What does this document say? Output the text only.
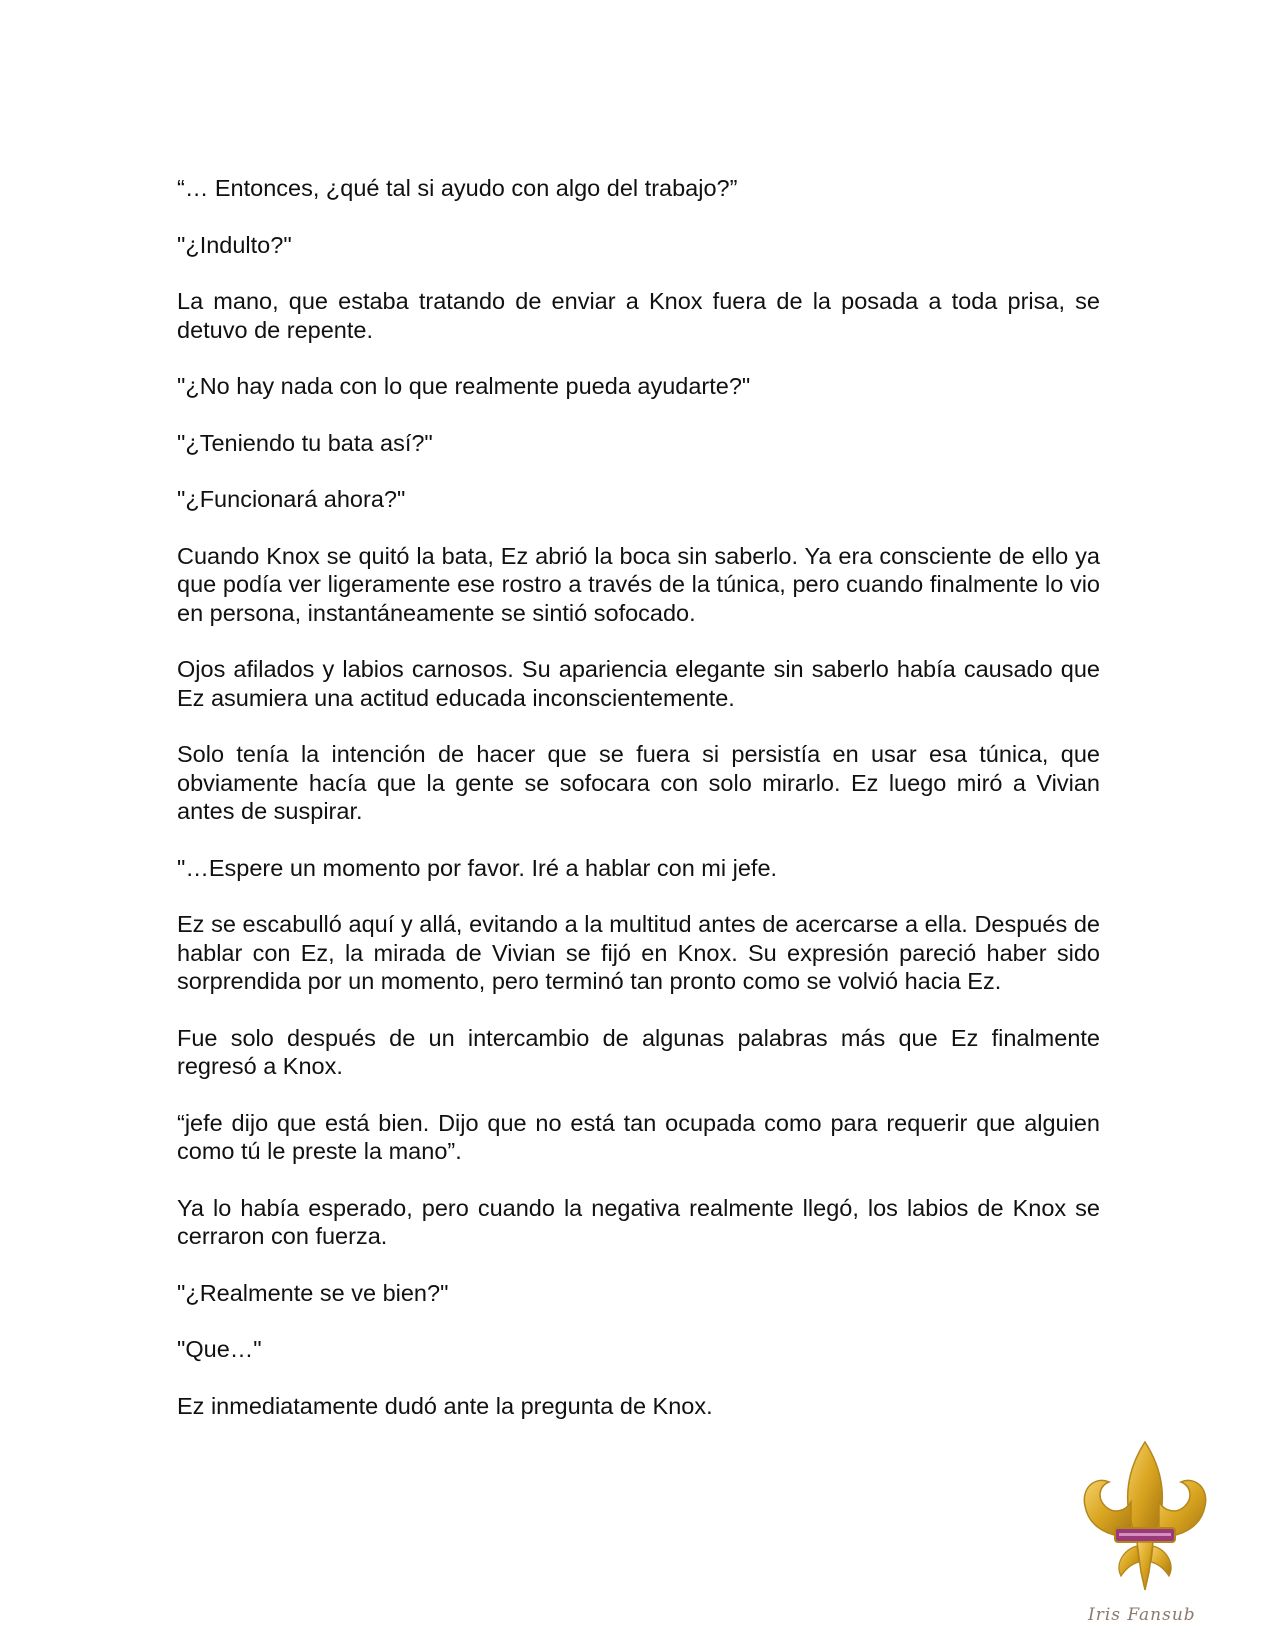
“… Entonces, ¿qué tal si ayudo con algo del trabajo?”

"¿Indulto?"

La mano, que estaba tratando de enviar a Knox fuera de la posada a toda prisa, se detuvo de repente.

"¿No hay nada con lo que realmente pueda ayudarte?"

"¿Teniendo tu bata así?"

"¿Funcionará ahora?"

Cuando Knox se quitó la bata, Ez abrió la boca sin saberlo. Ya era consciente de ello ya que podía ver ligeramente ese rostro a través de la túnica, pero cuando finalmente lo vio en persona, instantáneamente se sintió sofocado.

Ojos afilados y labios carnosos. Su apariencia elegante sin saberlo había causado que Ez asumiera una actitud educada inconscientemente.

Solo tenía la intención de hacer que se fuera si persistía en usar esa túnica, que obviamente hacía que la gente se sofocara con solo mirarlo. Ez luego miró a Vivian antes de suspirar.

"…Espere un momento por favor. Iré a hablar con mi jefe.

Ez se escabulló aquí y allá, evitando a la multitud antes de acercarse a ella. Después de hablar con Ez, la mirada de Vivian se fijó en Knox. Su expresión pareció haber sido sorprendida por un momento, pero terminó tan pronto como se volvió hacia Ez.

Fue solo después de un intercambio de algunas palabras más que Ez finalmente regresó a Knox.

“jefe dijo que está bien. Dijo que no está tan ocupada como para requerir que alguien como tú le preste la mano”.

Ya lo había esperado, pero cuando la negativa realmente llegó, los labios de Knox se cerraron con fuerza.

"¿Realmente se ve bien?"

"Que…"

Ez inmediatamente dudó ante la pregunta de Knox.

Iris Fansub
